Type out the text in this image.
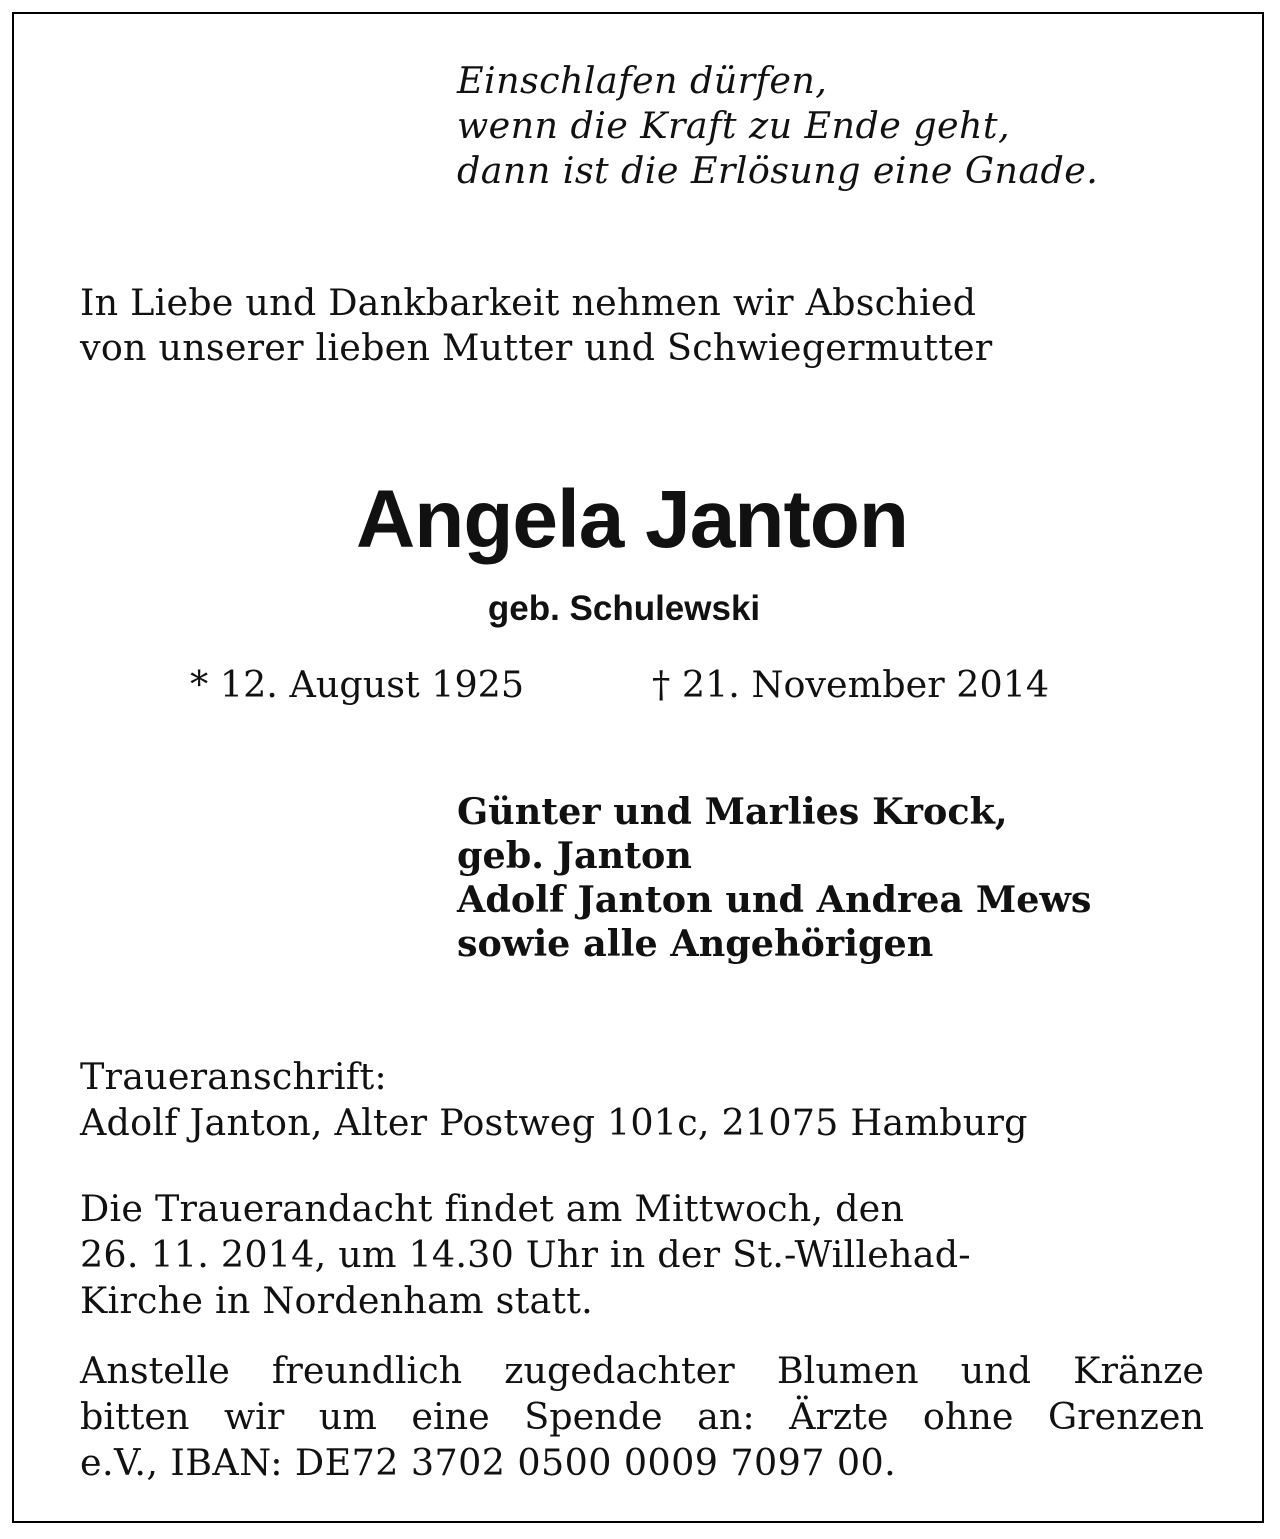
Einschlafen dürfen,
wenn die Kraft zu Ende geht,
dann ist die Erlösung eine Gnade.
In Liebe und Dankbarkeit nehmen wir Abschied
von unserer lieben Mutter und Schwiegermutter
Angela Janton
geb. Schulewski
* 12. August 1925	† 21. November 2014
Günter und Marlies Krock,
geb. Janton
Adolf Janton und Andrea Mews
sowie alle Angehörigen
Traueranschrift:
Adolf Janton, Alter Postweg 101c, 21075 Hamburg
Die Trauerandacht findet am Mittwoch, den
26. 11. 2014, um 14.30 Uhr in der St.-Willehad-
Kirche in Nordenham statt.
Anstelle freundlich zugedachter Blumen und Kränze
bitten wir um eine Spende an: Ärzte ohne Grenzen
e.V., IBAN: DE72 3702 0500 0009 7097 00.
